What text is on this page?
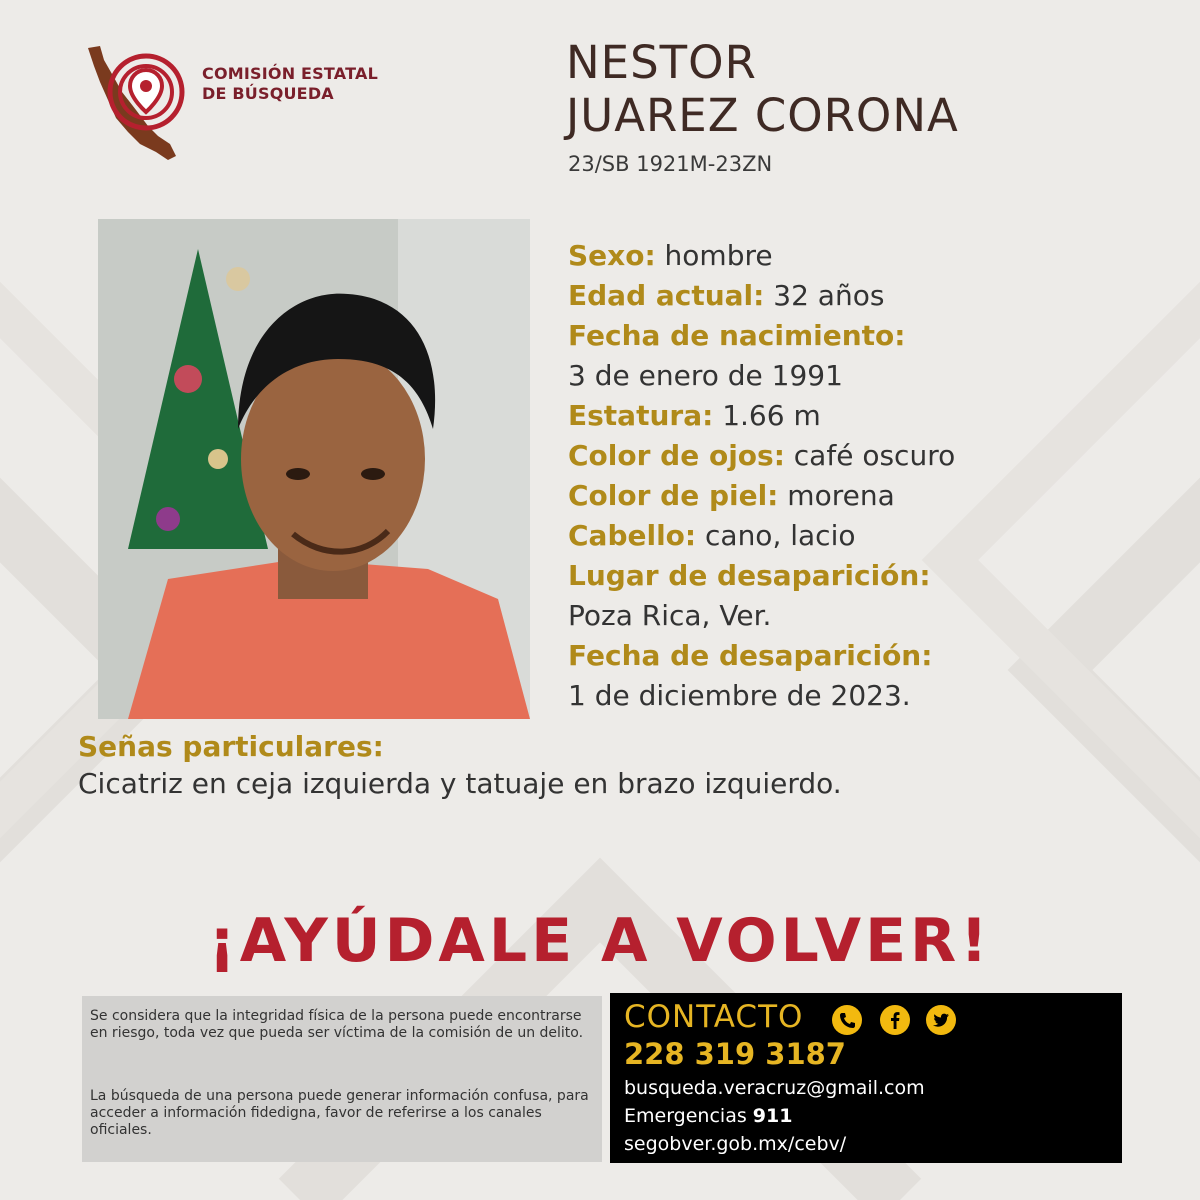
COMISIÓN ESTATAL
DE BÚSQUEDA
NESTOR
JUAREZ CORONA
23/SB 1921M-23ZN
Sexo: hombre
Edad actual: 32 años
Fecha de nacimiento:
3 de enero de 1991
Estatura: 1.66 m
Color de ojos: café oscuro
Color de piel: morena
Cabello: cano, lacio
Lugar de desaparición:
Poza Rica, Ver.
Fecha de desaparición:
1 de diciembre de 2023.
Señas particulares:
Cicatriz en ceja izquierda y tatuaje en brazo izquierdo.
¡AYÚDALE A VOLVER!

Se considera que la integridad física de la persona puede encontrarse en riesgo, toda vez que pueda ser víctima de la comisión de un delito.

La búsqueda de una persona puede generar información confusa, para acceder a información fidedigna, favor de referirse a los canales oficiales.

CONTACTO
228 319 3187
busqueda.veracruz@gmail.com
Emergencias 911
segobver.gob.mx/cebv/
